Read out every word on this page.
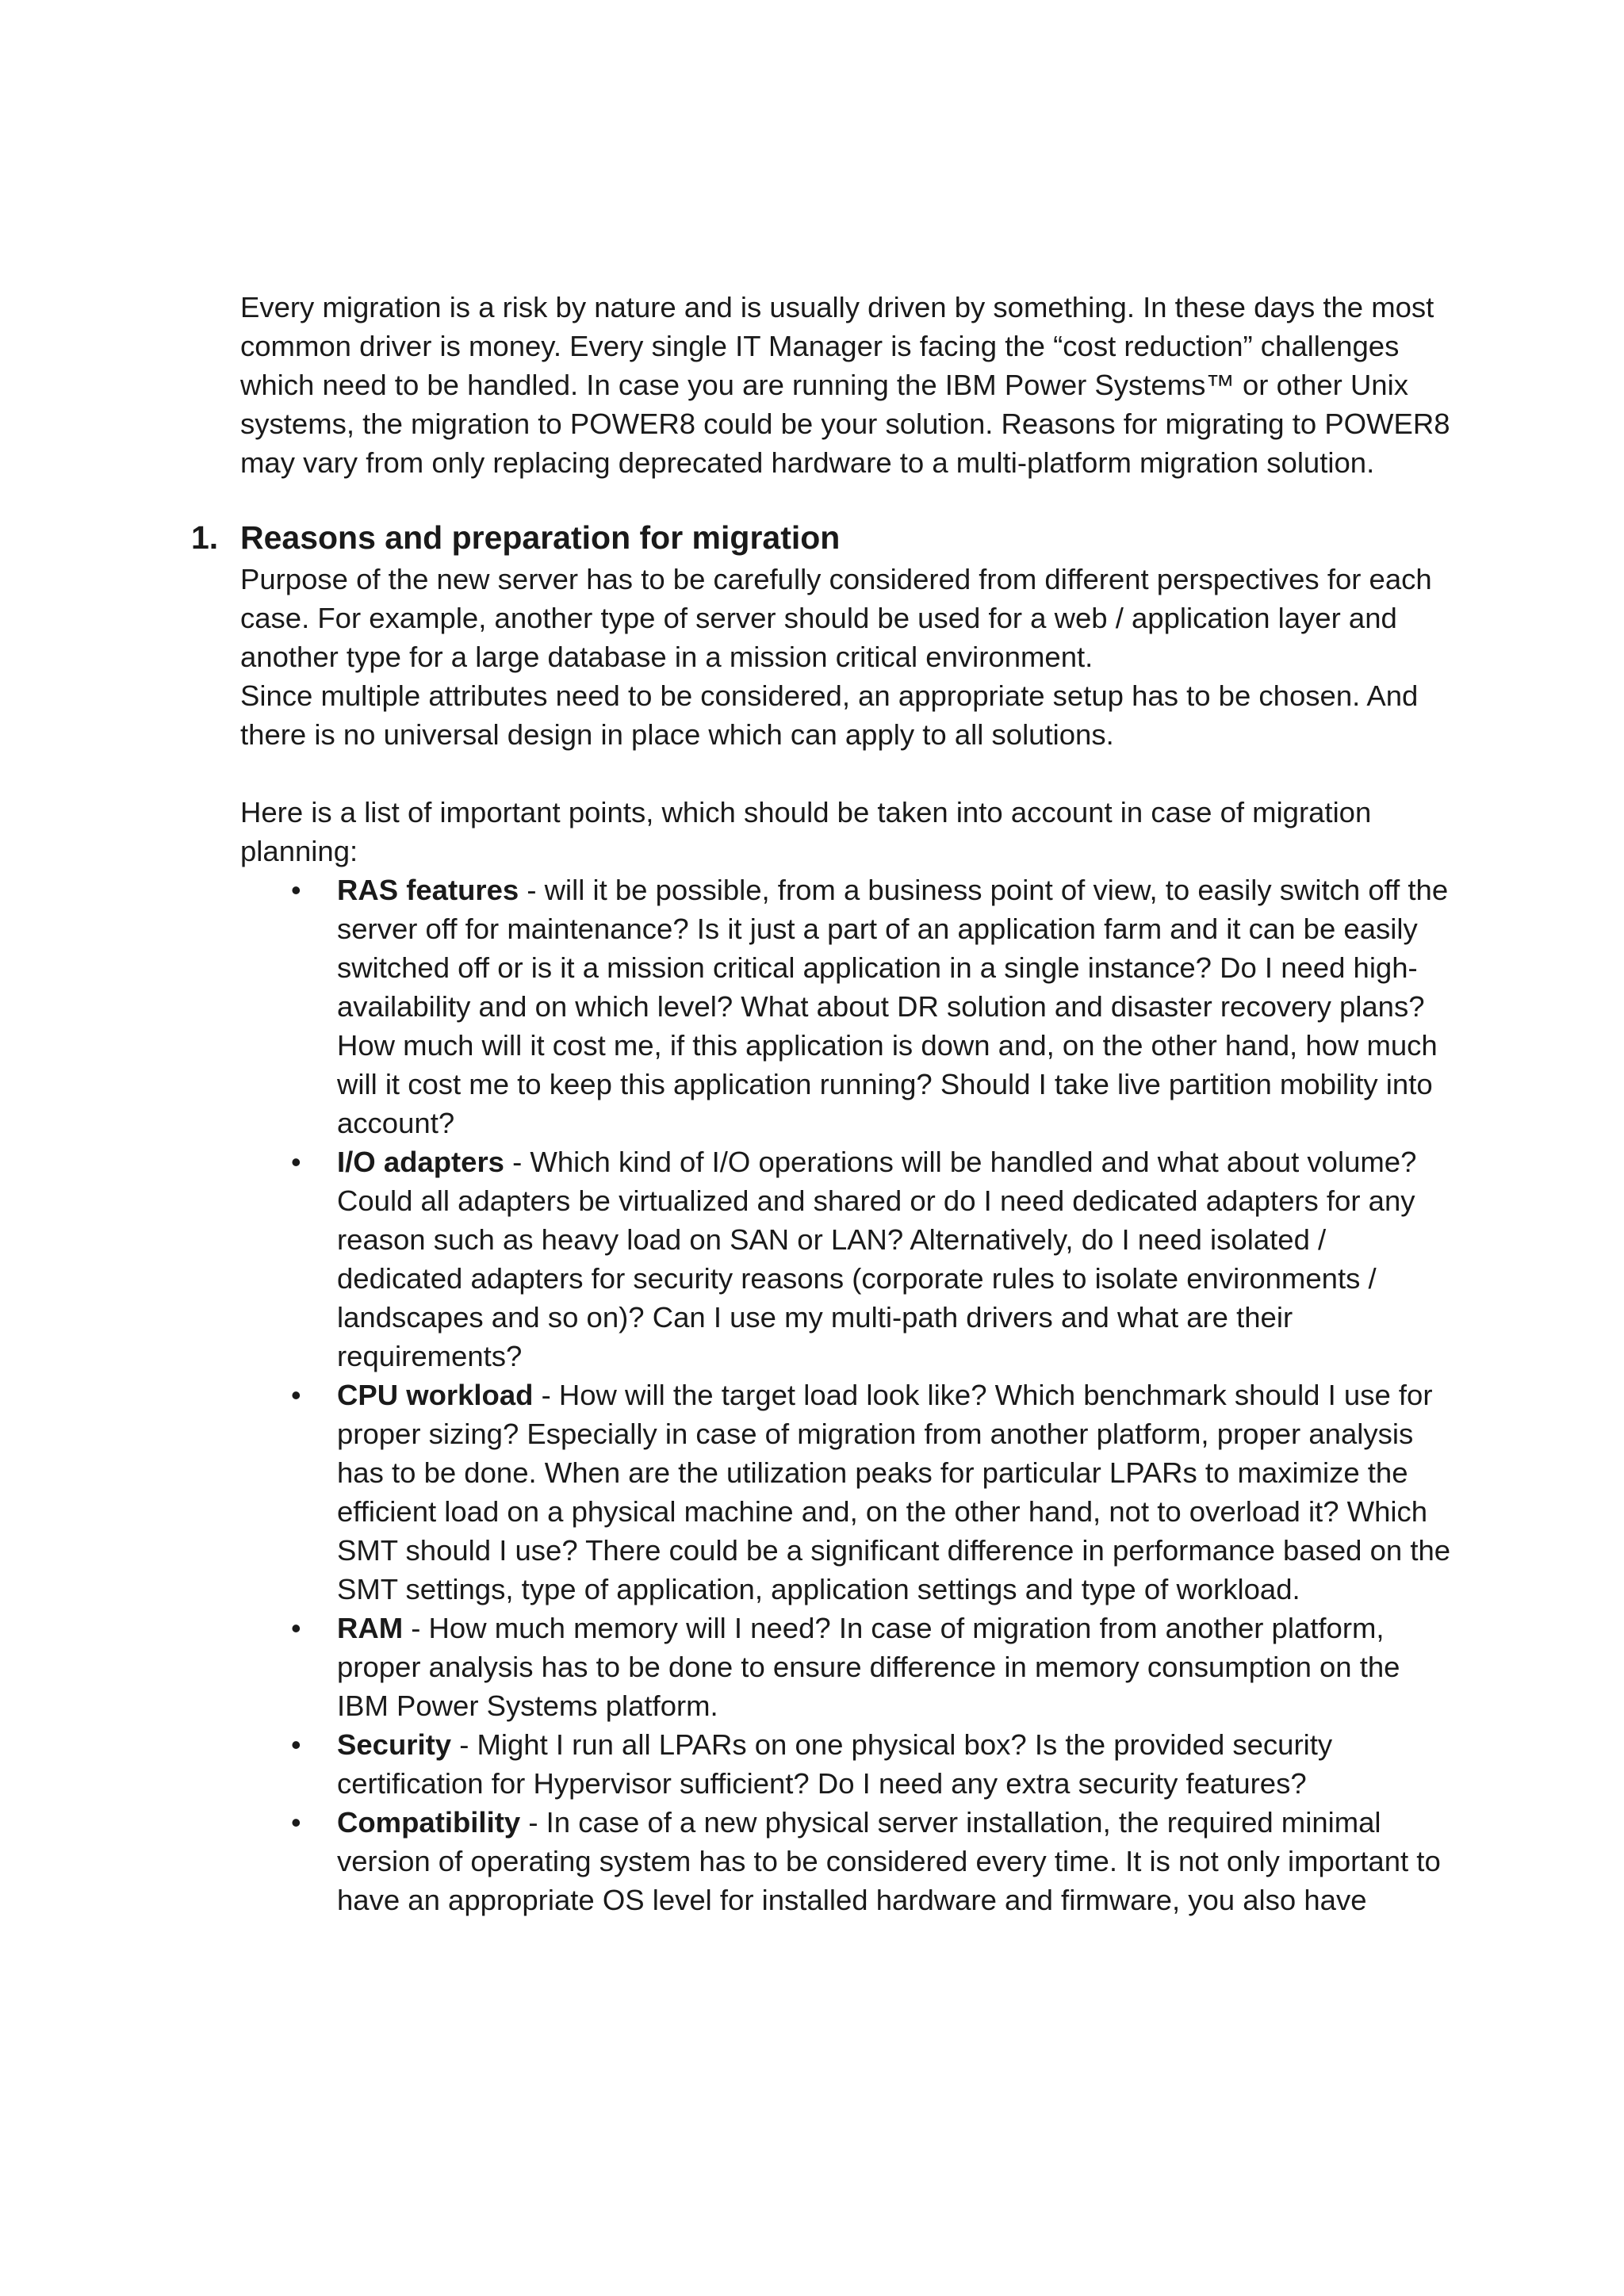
Every migration is a risk by nature and is usually driven by something. In these days the most common driver is money. Every single IT Manager is facing the “cost reduction” challenges which need to be handled. In case you are running the IBM Power Systems™ or other Unix systems, the migration to POWER8 could be your solution. Reasons for migrating to POWER8 may vary from only replacing deprecated hardware to a multi-platform migration solution.

1. Reasons and preparation for migration

Purpose of the new server has to be carefully considered from different perspectives for each case. For example, another type of server should be used for a web / application layer and another type for a large database in a mission critical environment.

Since multiple attributes need to be considered, an appropriate setup has to be chosen. And there is no universal design in place which can apply to all solutions.

Here is a list of important points, which should be taken into account in case of migration planning:

• RAS features - will it be possible, from a business point of view, to easily switch off the server off for maintenance? Is it just a part of an application farm and it can be easily switched off or is it a mission critical application in a single instance? Do I need high-availability and on which level? What about DR solution and disaster recovery plans? How much will it cost me, if this application is down and, on the other hand, how much will it cost me to keep this application running? Should I take live partition mobility into account?
• I/O adapters - Which kind of I/O operations will be handled and what about volume? Could all adapters be virtualized and shared or do I need dedicated adapters for any reason such as heavy load on SAN or LAN? Alternatively, do I need isolated / dedicated adapters for security reasons (corporate rules to isolate environments / landscapes and so on)? Can I use my multi-path drivers and what are their requirements?
• CPU workload - How will the target load look like? Which benchmark should I use for proper sizing? Especially in case of migration from another platform, proper analysis has to be done. When are the utilization peaks for particular LPARs to maximize the efficient load on a physical machine and, on the other hand, not to overload it? Which SMT should I use? There could be a significant difference in performance based on the SMT settings, type of application, application settings and type of workload.
• RAM - How much memory will I need? In case of migration from another platform, proper analysis has to be done to ensure difference in memory consumption on the IBM Power Systems platform.
• Security - Might I run all LPARs on one physical box? Is the provided security certification for Hypervisor sufficient? Do I need any extra security features?
• Compatibility - In case of a new physical server installation, the required minimal version of operating system has to be considered every time. It is not only important to have an appropriate OS level for installed hardware and firmware, you also have
